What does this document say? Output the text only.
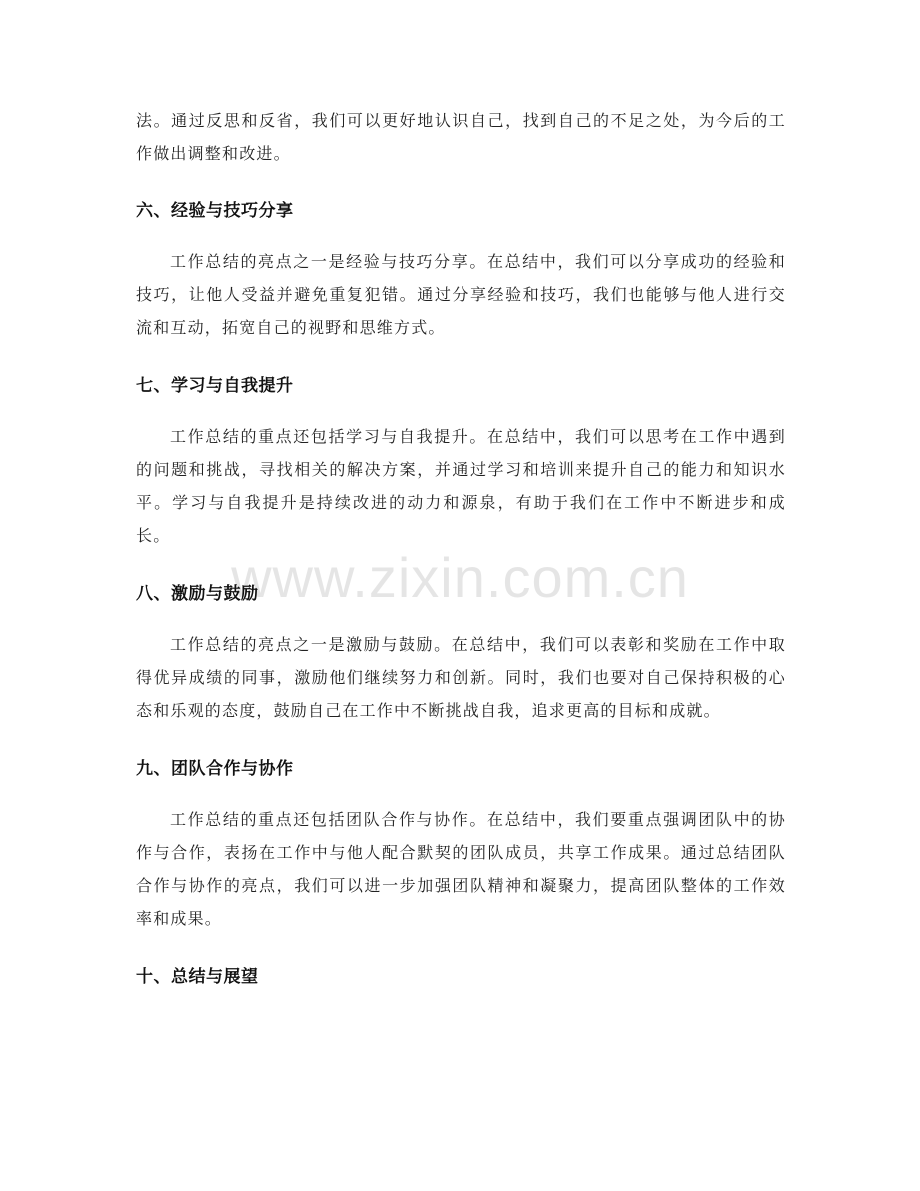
法。通过反思和反省，我们可以更好地认识自己，找到自己的不足之处，为今后的工作做出调整和改进。

六、经验与技巧分享

工作总结的亮点之一是经验与技巧分享。在总结中，我们可以分享成功的经验和技巧，让他人受益并避免重复犯错。通过分享经验和技巧，我们也能够与他人进行交流和互动，拓宽自己的视野和思维方式。

七、学习与自我提升

工作总结的重点还包括学习与自我提升。在总结中，我们可以思考在工作中遇到的问题和挑战，寻找相关的解决方案，并通过学习和培训来提升自己的能力和知识水平。学习与自我提升是持续改进的动力和源泉，有助于我们在工作中不断进步和成长。

八、激励与鼓励

工作总结的亮点之一是激励与鼓励。在总结中，我们可以表彰和奖励在工作中取得优异成绩的同事，激励他们继续努力和创新。同时，我们也要对自己保持积极的心态和乐观的态度，鼓励自己在工作中不断挑战自我，追求更高的目标和成就。

九、团队合作与协作

工作总结的重点还包括团队合作与协作。在总结中，我们要重点强调团队中的协作与合作，表扬在工作中与他人配合默契的团队成员，共享工作成果。通过总结团队合作与协作的亮点，我们可以进一步加强团队精神和凝聚力，提高团队整体的工作效率和成果。

十、总结与展望
www.zixin.com.cn
